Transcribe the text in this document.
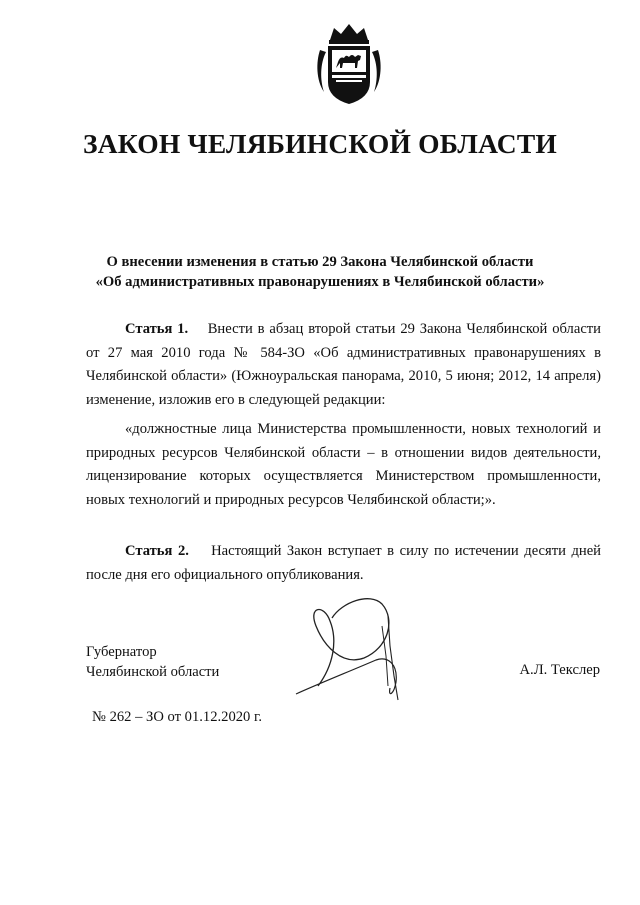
ЗАКОН ЧЕЛЯБИНСКОЙ ОБЛАСТИ
О внесении изменения в статью 29 Закона Челябинской области
«Об административных правонарушениях в Челябинской области»

Статья 1. Внести в абзац второй статьи 29 Закона Челябинской области от 27 мая 2010 года № 584-ЗО «Об административных правонарушениях в Челябинской области» (Южноуральская панорама, 2010, 5 июня; 2012, 14 апреля) изменение, изложив его в следующей редакции:

«должностные лица Министерства промышленности, новых технологий и природных ресурсов Челябинской области – в отношении видов деятельности, лицензирование которых осуществляется Министерством промышленности, новых технологий и природных ресурсов Челябинской области;».

Статья 2. Настоящий Закон вступает в силу по истечении десяти дней после дня его официального опубликования.

Губернатор
Челябинской области	А.Л. Текслер
№ 262 – ЗО от 01.12.2020 г.
